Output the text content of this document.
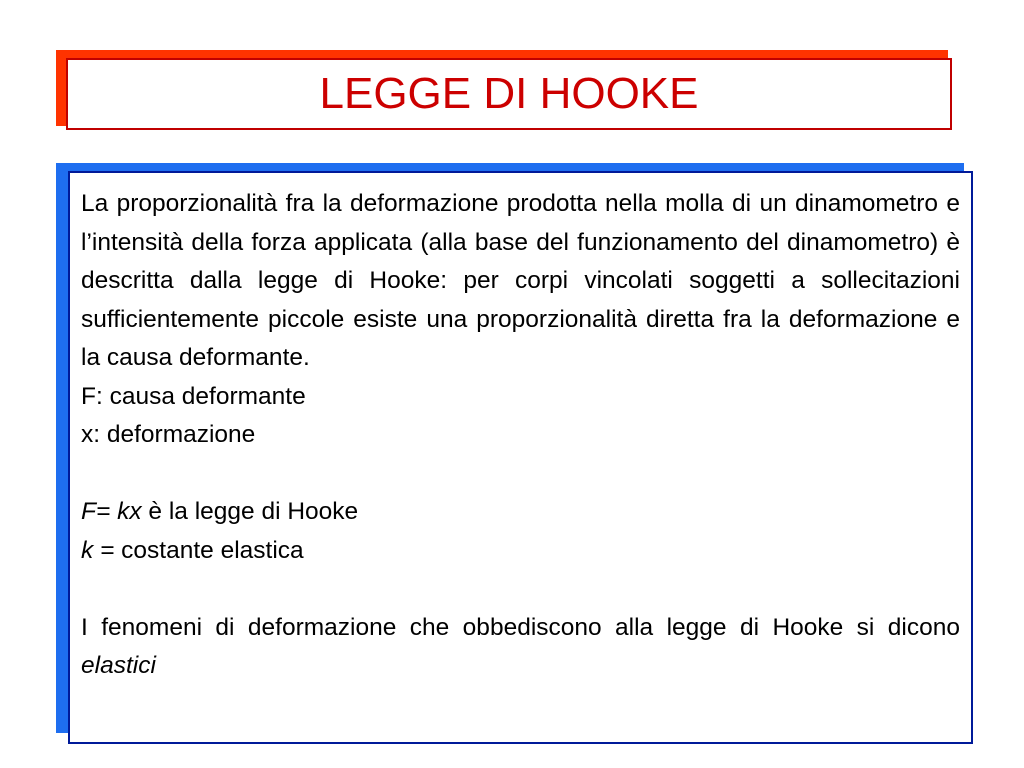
LEGGE DI HOOKE

La proporzionalità fra la deformazione prodotta nella molla di un dinamometro e l’intensità della forza applicata (alla base del funzionamento del dinamometro) è descritta dalla legge di Hooke: per corpi vincolati soggetti a sollecitazioni sufficientemente piccole esiste una proporzionalità diretta fra la deformazione e la causa deformante.

F: causa deformante
x: deformazione
F= kx è la legge di Hooke
k = costante elastica

I fenomeni di deformazione che obbediscono alla legge di Hooke si dicono elastici
